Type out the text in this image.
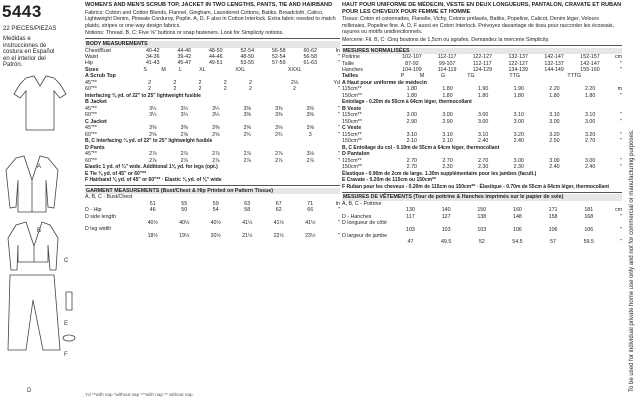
5443
22 PIECES/PIEZAS
Medidas e instrucciones de costura en Español en el interior del Patrón.
A
B
C
D
E
F
WOMEN'S AND MEN'S SCRUB TOP, JACKET IN TWO LENGTHS, PANTS, TIE AND HAIRBAND
Fabrics: Cotton and Cotton Blends, Flannel, Gingham, Laundered Cottons, Batiks, Broadcloth, Calico, Lightweight Denim, Pinwale Corduroy, Poplin. A, D, F also in Cotton Interlock. Extra fabric needed to match plaids, stripes or one-way design fabrics.
Notions: Thread. B, C: Five ⅝" buttons or snap fasteners. Look for Simplicity notions.
BODY MEASUREMENTS
Chest/Bust	40-42	44-46	48-50	52-54	56-58	60-62	In
Waist	34-36	39-42	44-46	48-50	52-54	56-58	"
Hip	41-43	45-47	49-51	53-55	57-59	61-63	"
Sizes	S	M	L	XL	XXL	XXXL	
A Scrub Top
45"**	2	2	2	2	2	2⅛	Yd
60"**	2	2	2	2	2	2	"
Interfacing ⅜ yd. of 22" to 25" lightweight fusible
B Jacket
45"**	3¼	3¼	3¼	3⅜	3⅜	3⅜	"
60"**	3¼	3¼	3¼	3⅜	3⅜	3⅜	"
C Jacket
45"**	3⅜	3⅜	3⅜	3⅝	3⅝	3⅝	"
60"**	2⅝	2⅝	2⅝	2¾	2¾	3	"
B, C Interfacing ¼ yd. of 22" to 25" lightweight fusible
D Pants
45"**	2⅞	2⅞	2⅞	2⅞	2⅞	3⅛	"
60"**	2⅞	2⅞	2⅞	2⅞	2⅞	2⅞	"
Elastic 1 yd. of ¾" wide. Additional 1⅜ yd. for legs (opt.)
E Tie ⅜ yd. of 45" or 60"**
F Hairband ⅛ yd. of 45" or 60"** · Elastic ⅛ yd. of ⅜" wide
GARMENT MEASUREMENTS (Bust/Chest & Hip Printed on Pattern Tissue)
A, B, C - Bust/Chest							
	51	55	59	63	67	71	In
D - Hip	46	50	54	58	62	66	"
D side length							
	40½	40½	40½	41½	41½	41½	"
D leg width							
	18½	19½	20½	21½	22½	23½	"
HAUT POUR UNIFORME DE MÉDECIN, VESTE EN DEUX LONGUEURS, PANTALON, CRAVATE ET RUBAN POUR LES CHEVEUX POUR FEMME ET HOMME
Tissus: Coton et cotonnades, Flanelle, Vichy, Cotons prélavés, Batiks, Popeline, Calicot, Denim léger, Velours milleraies, Popeline fine. A, D, F aussi en Coton Interlock. Prévoyez davantage de tissu pour raccorder les écossais, rayures ou motifs unidirectionnels.
Mercerie: Fil. B, C: Cinq boutons de 1,5cm ou agrafes. Demandez la mercerie Simplicity.
MESURES NORMALISÉES
Poitrine	102-107	112-117	122-127	132-137	142-147	152-157	cm
Taille	87-92	99-107	112-117	122-127	132-137	142-147	"
Hanches	104-109	114-119	124-129	134-139	144-149	155-160	"
Tailles	P	M	G	TG	TTG	TTTG	
A Haut pour uniforme de médecin
115cm**	1.80	1.80	1.90	1.90	2.20	2.20	m
150cm**	1.80	1.80	1.80	1.80	1.80	1.80	"
Entoilage - 0.20m de 55cm à 64cm léger, thermocollant
B Veste
115cm**	3.00	3.00	3.00	3.10	3.10	3.10	"
150cm**	2.90	2.90	3.00	3.00	3.00	3.00	"
C Veste
115cm**	3.10	3.10	3.10	3.20	3.20	3.20	"
150cm**	2.10	2.10	2.40	2.40	2.50	2.70	"
B, C Entoilage du col - 0.10m de 55cm à 64cm léger, thermocollant
D Pantalon
115cm**	2.70	2.70	2.70	3.00	3.00	3.00	"
150cm**	2.70	2.30	2.30	2.30	2.40	2.40	"
Élastique - 0.90m de 2cm de large. 1.30m supplémentaire pour les jambes (facult.)
E Cravate - 0.20m de 115cm ou 150cm**
F Ruban pour les cheveux - 0.20m de 115cm ou 150cm** · Élastique - 0.70m de 55cm à 64cm léger, thermocollant
MESURES DE VÊTEMENTS (Tour de poitrine & Hanches imprimés sur le papier de soie)
A, B, C - Poitrine							
	130	140	150	160	171	181	cm
D - Hanches	117	127	138	148	158	168	"
D longueur de côté							
	103	103	103	106	106	106	"
D largeur de jambe							
	47	49.5	52	54.5	57	59.5	" To be used for individual private home use only and not for commercial or manufacturing purposes.
Yd **with nap *without nap ***with nap ** without nap
